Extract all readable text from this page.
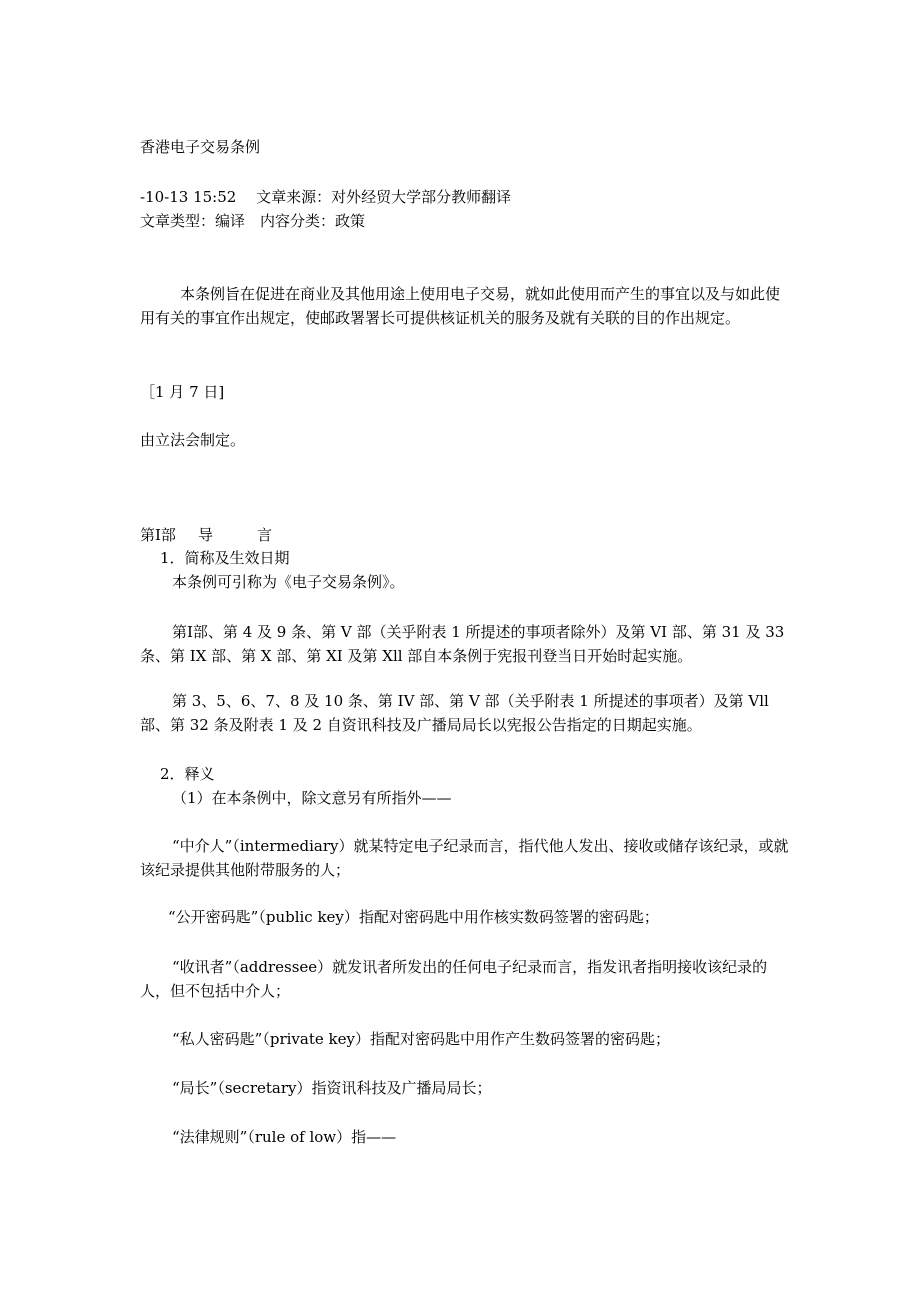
香港电子交易条例
-10-13 15:52　 文章来源：对外经贸大学部分教师翻译
文章类型：编译　内容分类：政策
本条例旨在促进在商业及其他用途上使用电子交易，就如此使用而产生的事宜以及与如此使用有关的事宜作出规定，使邮政署署长可提供核证机关的服务及就有关联的目的作出规定。
［1 月 7 日]
由立法会制定。
第Ⅰ部 导	言
1．简称及生效日期
本条例可引称为《电子交易条例》。
第Ⅰ部、第 4 及 9 条、第 V 部（关乎附表 1 所提述的事项者除外）及第 VI 部、第 31 及 33 条、第 IX 部、第 X 部、第 XI 及第 Xll 部自本条例于宪报刊登当日开始时起实施。
第 3、5、6、7、8 及 10 条、第 IV 部、第 V 部（关乎附表 1 所提述的事项者）及第 Vll 部、第 32 条及附表 1 及 2 自资讯科技及广播局局长以宪报公告指定的日期起实施。
2．释义
（1）在本条例中，除文意另有所指外——
“中介人”（intermediary）就某特定电子纪录而言，指代他人发出、接收或储存该纪录，或就该纪录提供其他附带服务的人；
“公开密码匙”（public key）指配对密码匙中用作核实数码签署的密码匙；
“收讯者”（addressee）就发讯者所发出的任何电子纪录而言，指发讯者指明接收该纪录的人，但不包括中介人；
“私人密码匙”（private key）指配对密码匙中用作产生数码签署的密码匙；
“局长”（secretary）指资讯科技及广播局局长；
“法律规则”（rule of low）指——
